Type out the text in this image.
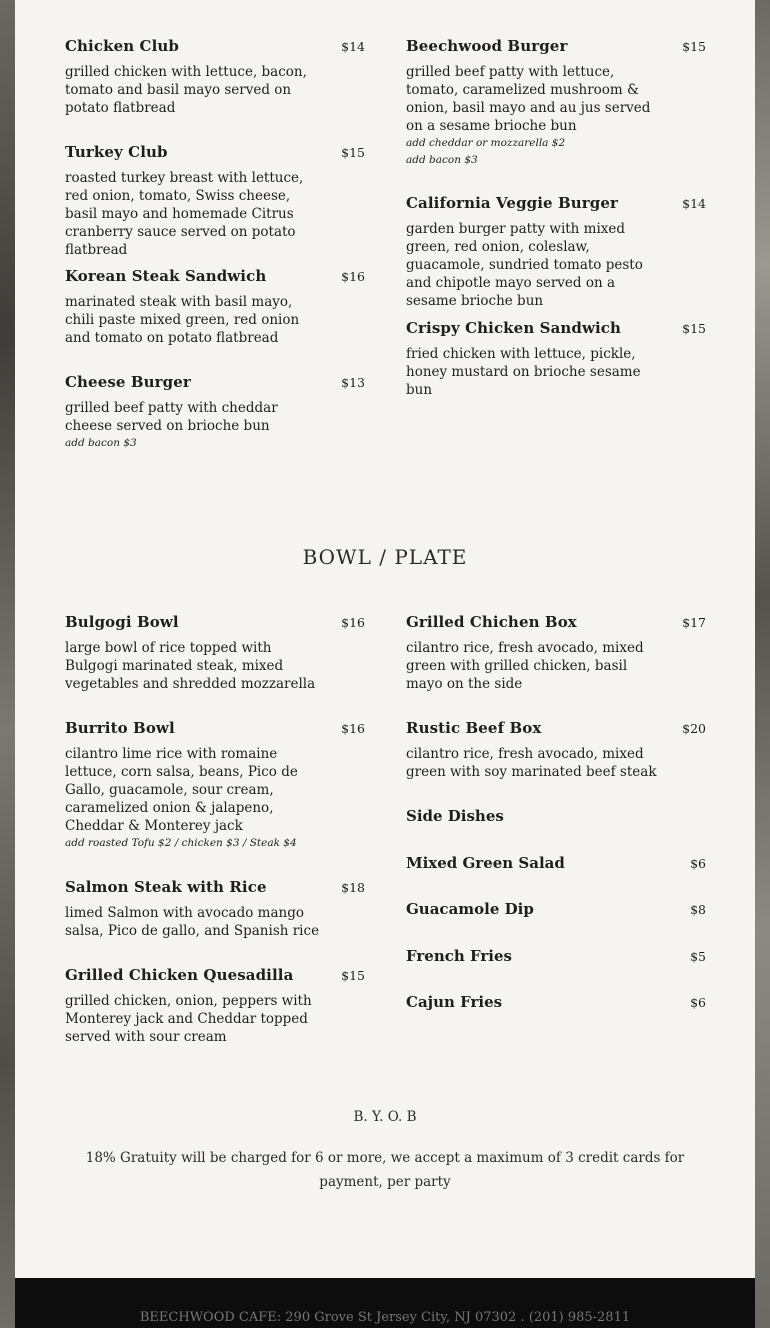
Chicken Club	$14
grilled chicken with lettuce, bacon, tomato and basil mayo served on potato flatbread
Turkey Club	$15
roasted turkey breast with lettuce, red onion, tomato, Swiss cheese, basil mayo and homemade Citrus cranberry sauce served on potato flatbread
Korean Steak Sandwich	$16
marinated steak with basil mayo, chili paste mixed green, red onion and tomato on potato flatbread
Cheese Burger	$13
grilled beef patty with cheddar cheese served on brioche bun
add bacon $3
Beechwood Burger	$15
grilled beef patty with lettuce, tomato, caramelized mushroom & onion, basil mayo and au jus served on a sesame brioche bun
add cheddar or mozzarella $2
add bacon $3
California Veggie Burger	$14
garden burger patty with mixed green, red onion, coleslaw, guacamole, sundried tomato pesto and chipotle mayo served on a sesame brioche bun
Crispy Chicken Sandwich	$15
fried chicken with lettuce, pickle, honey mustard on brioche sesame bun
BOWL / PLATE
Bulgogi Bowl	$16
large bowl of rice topped with Bulgogi marinated steak, mixed vegetables and shredded mozzarella
Burrito Bowl	$16
cilantro lime rice with romaine lettuce, corn salsa, beans, Pico de Gallo, guacamole, sour cream, caramelized onion & jalapeno, Cheddar & Monterey jack
add roasted Tofu $2 / chicken $3 / Steak $4
Salmon Steak with Rice	$18
limed Salmon with avocado mango salsa, Pico de gallo, and Spanish rice
Grilled Chicken Quesadilla	$15
grilled chicken, onion, peppers with Monterey jack and Cheddar topped served with sour cream
Grilled Chichen Box	$17
cilantro rice, fresh avocado, mixed green with grilled chicken, basil mayo on the side
Rustic Beef Box	$20
cilantro rice, fresh avocado, mixed green with soy marinated beef steak
Side Dishes
Mixed Green Salad	$6
Guacamole Dip	$8
French Fries	$5
Cajun Fries	$6
B. Y. O. B
18% Gratuity will be charged for 6 or more, we accept a maximum of 3 credit cards for payment, per party
BEECHWOOD CAFE: 290 Grove St Jersey City, NJ 07302 . (201) 985-2811
